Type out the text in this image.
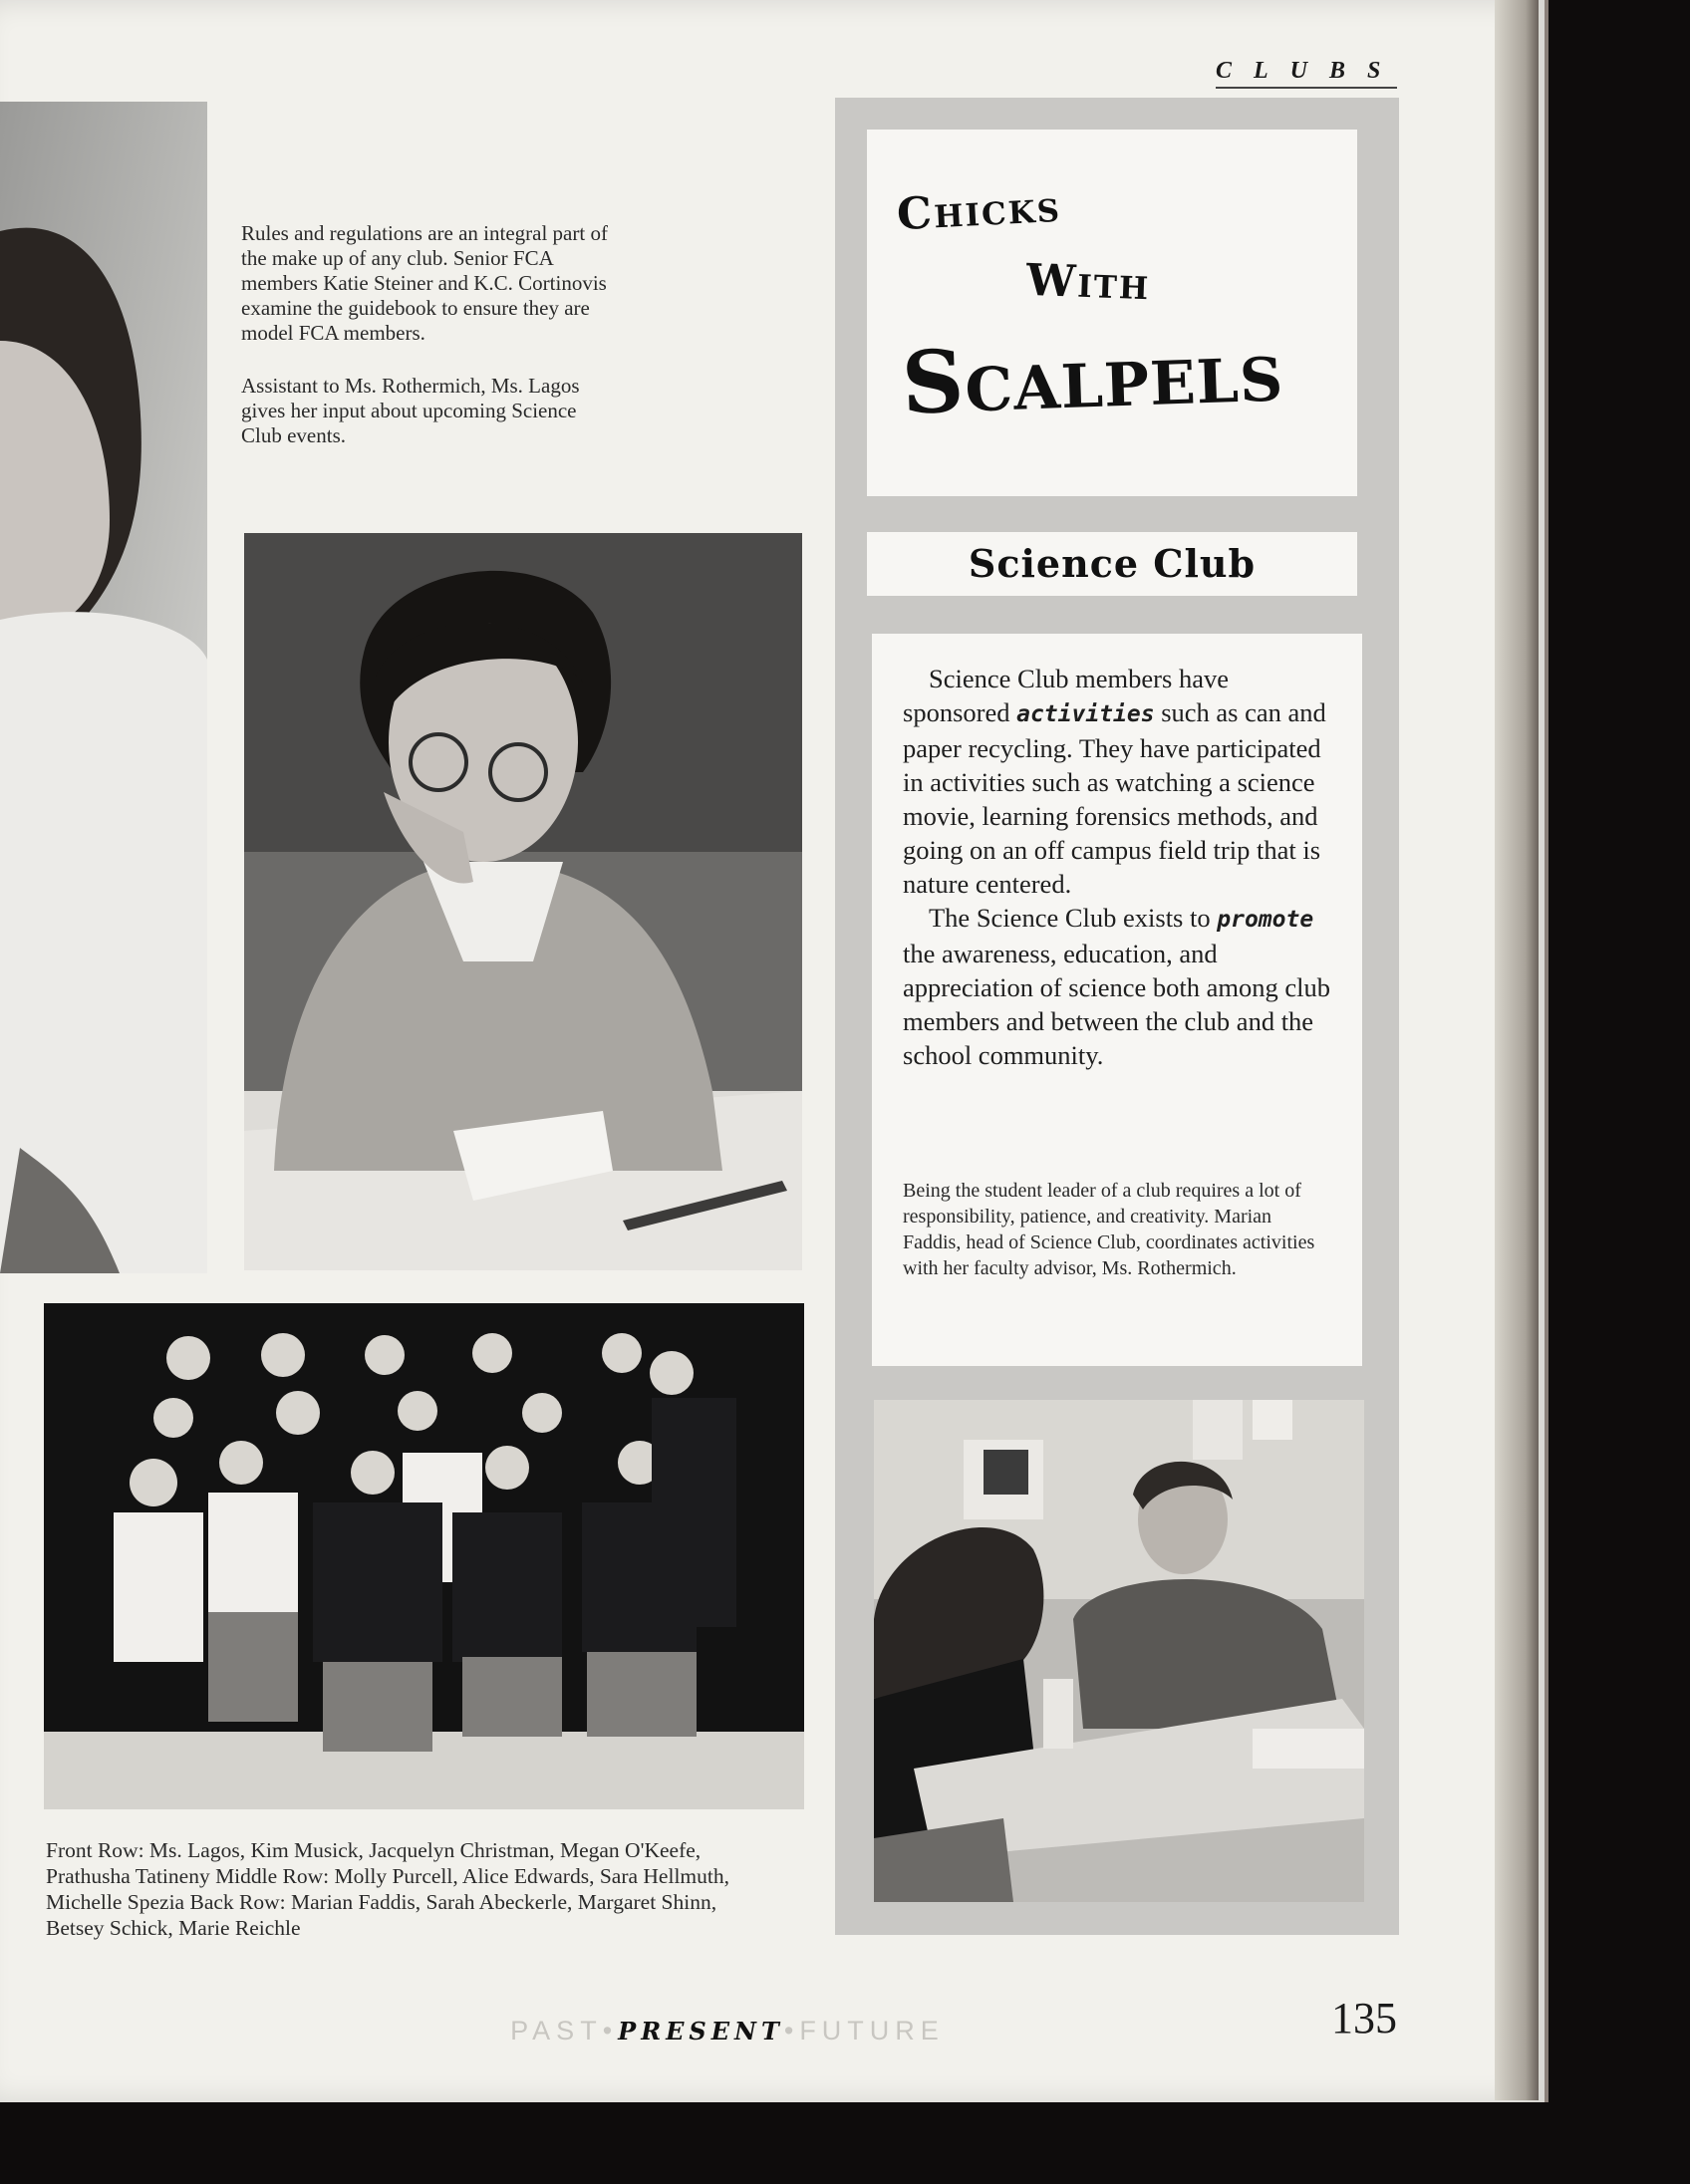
CLUBS

Rules and regulations are an integral part of the make up of any club. Senior FCA members Katie Steiner and K.C. Cortinovis examine the guidebook to ensure they are model FCA members.

Assistant to Ms. Rothermich, Ms. Lagos gives her input about upcoming Science Club events.

Front Row: Ms. Lagos, Kim Musick, Jacquelyn Christman, Megan O'Keefe, Prathusha Tatineny Middle Row: Molly Purcell, Alice Edwards, Sara Hellmuth, Michelle Spezia Back Row: Marian Faddis, Sarah Abeckerle, Margaret Shinn, Betsey Schick, Marie Reichle
Chicks
With
Scalpels
Science Club

Science Club members have sponsored activities such as can and paper recycling. They have participated in activities such as watching a science movie, learning forensics methods, and going on an off campus field trip that is nature centered.

The Science Club exists to promote the awareness, education, and appreciation of science both among club members and between the club and the school community.

Being the student leader of a club requires a lot of responsibility, patience, and creativity. Marian Faddis, head of Science Club, coordinates activities with her faculty advisor, Ms. Rothermich.
PAST•PRESENT•FUTURE	135
